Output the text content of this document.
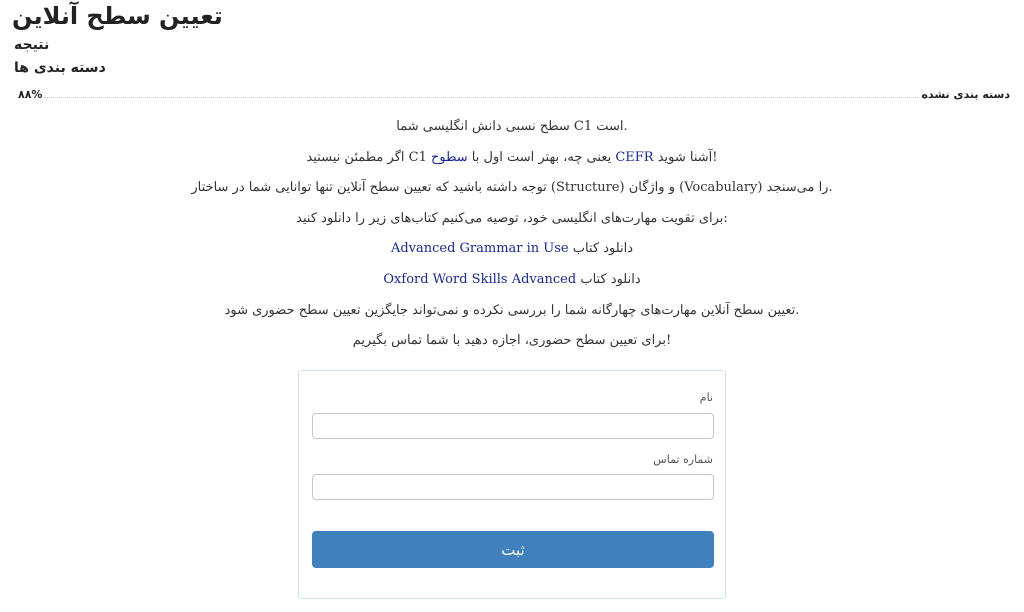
تعیین سطح آنلاین
نتیجه
دسته بندی ها
۸۸%	دسته بندی نشده

.است C1 سطح نسبی دانش انگلیسی شما

!آشنا شوید CEFR یعنی چه، بهتر است اول با سطوح C1 اگر مطمئن نیستید

.را می‌سنجد (Vocabulary) و واژگان (Structure) توجه داشته باشید که تعیین سطح آنلاین تنها توانایی شما در ساختار

:برای تقویت مهارت‌های انگلیسی خود، توصیه می‌کنیم کتاب‌های زیر را دانلود کنید

دانلود کتاب Advanced Grammar in Use

دانلود کتاب Oxford Word Skills Advanced

.تعیین سطح آنلاین مهارت‌های چهارگانه شما را بررسی نکرده و نمی‌تواند جایگزین تعیین سطح حضوری شود

!برای تعیین سطح حضوری، اجازه دهید با شما تماس بگیریم

نام
شماره تماس
ثبت
